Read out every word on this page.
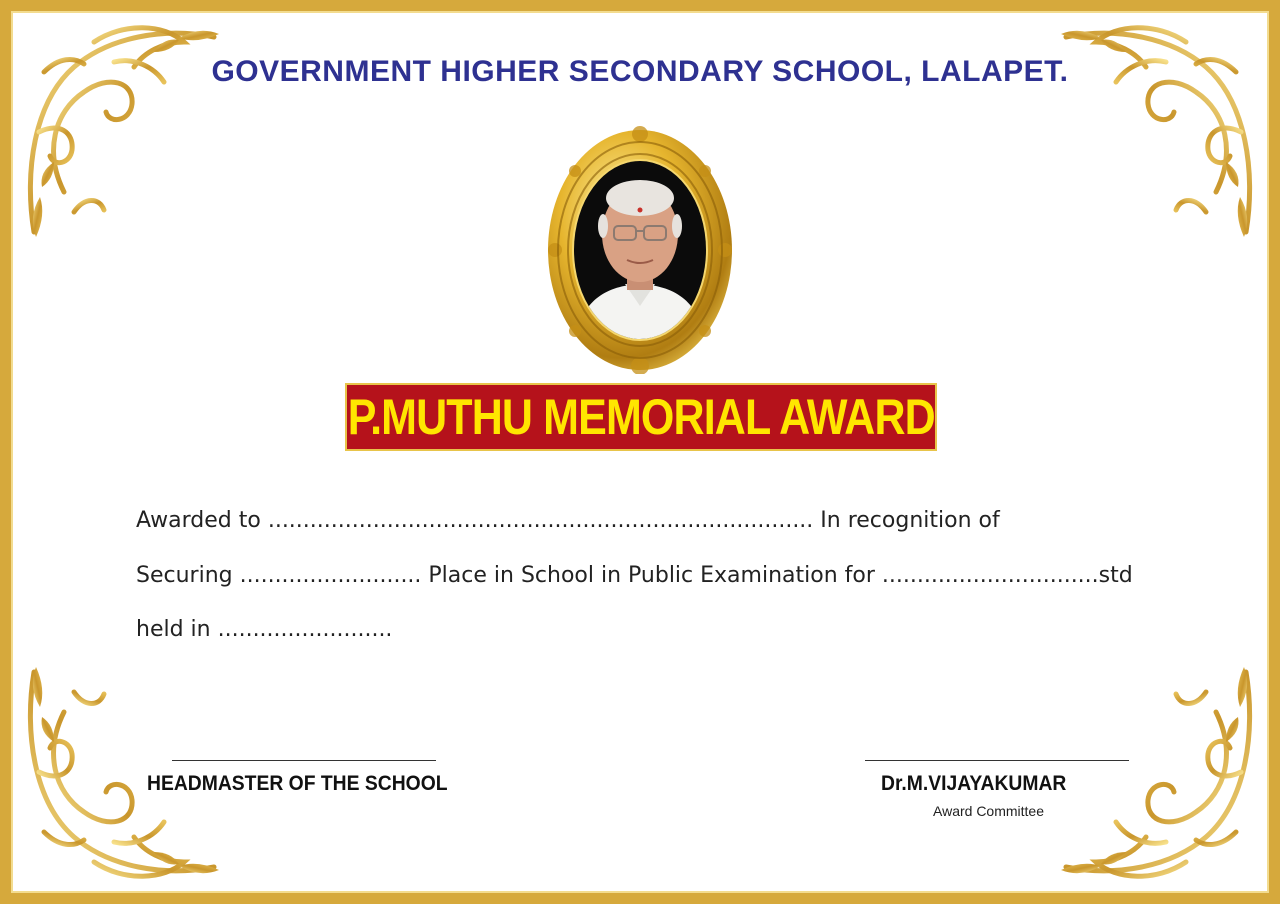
GOVERNMENT HIGHER SECONDARY SCHOOL, LALAPET.
P.MUTHU MEMORIAL AWARD
Awarded to .............................................................................. In recognition of
Securing .......................... Place in School in Public Examination for ...............................std
held in .........................
HEADMASTER OF THE SCHOOL	Dr.M.VIJAYAKUMAR
Award Committee
